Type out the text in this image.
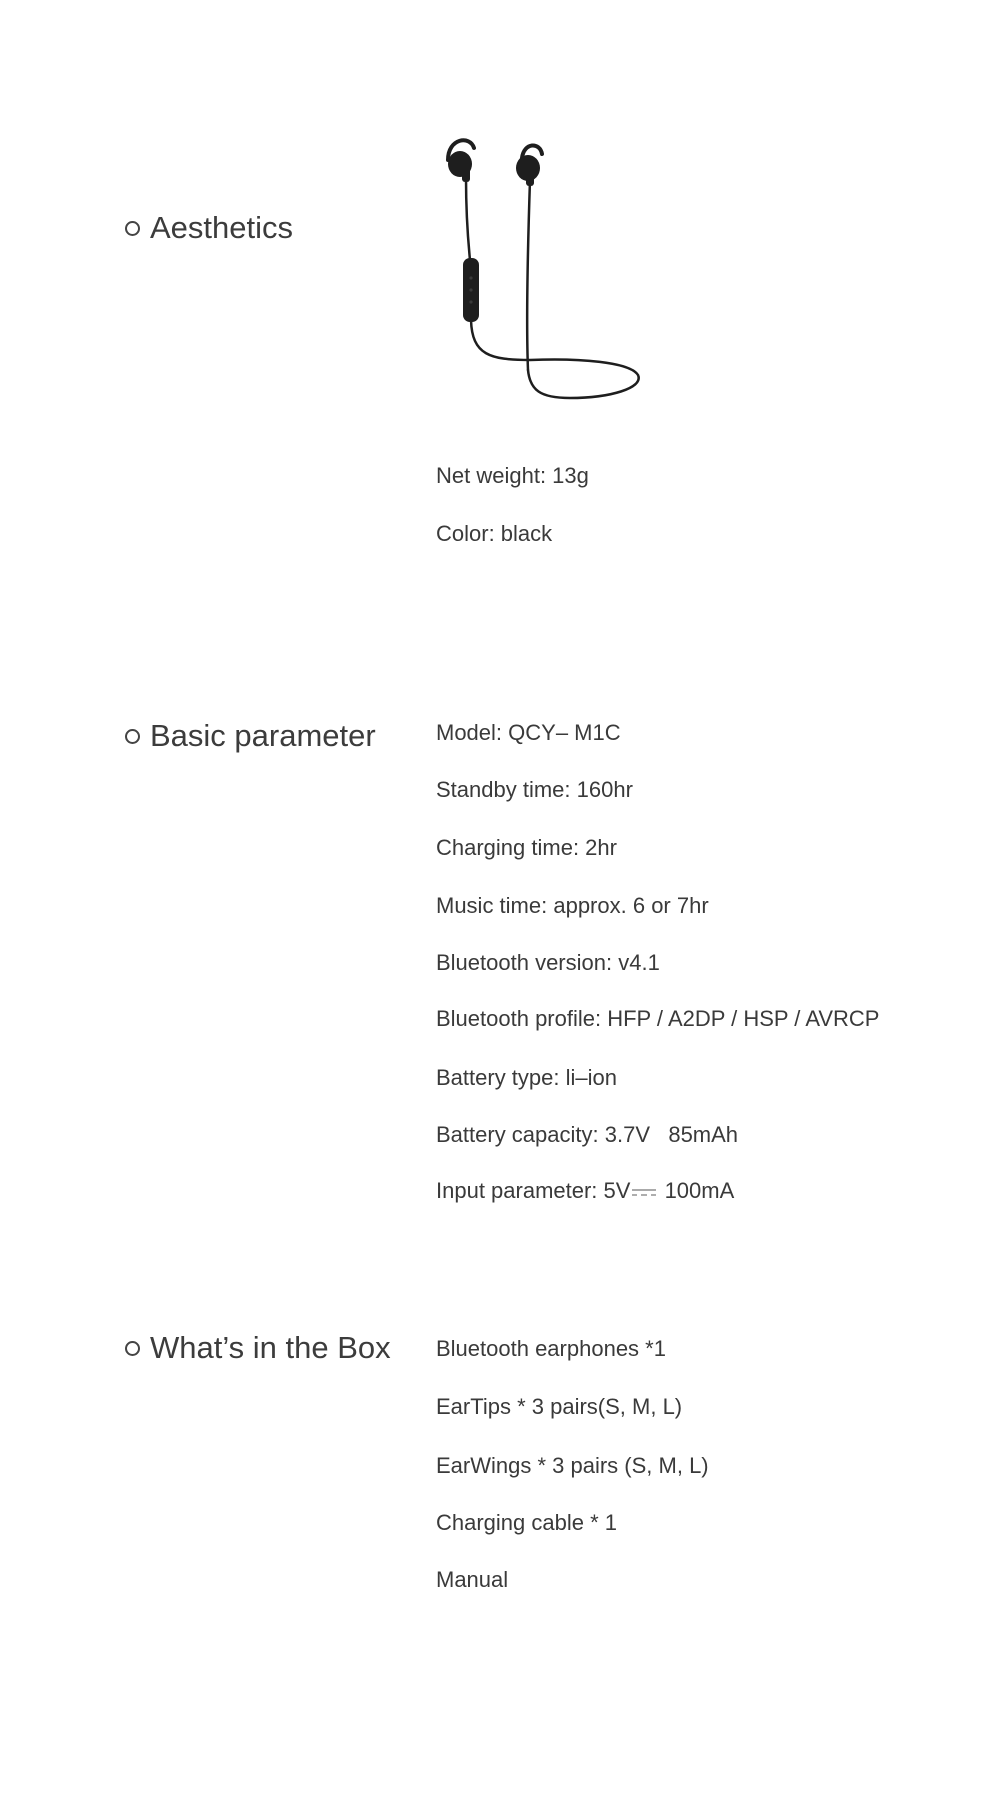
Aesthetics
Net weight: 13g
Color: black
Basic parameter	Model: QCY– M1C
Standby time: 160hr
Charging time: 2hr
Music time: approx. 6 or 7hr
Bluetooth version: v4.1
Bluetooth profile: HFP / A2DP / HSP / AVRCP
Battery type: li–ion
Battery capacity: 3.7V   85mAh
Input parameter: 5V 100mA
What’s in the Box Bluetooth earphones *1
EarTips * 3 pairs(S, M, L)
EarWings * 3 pairs (S, M, L)
Charging cable * 1
Manual
